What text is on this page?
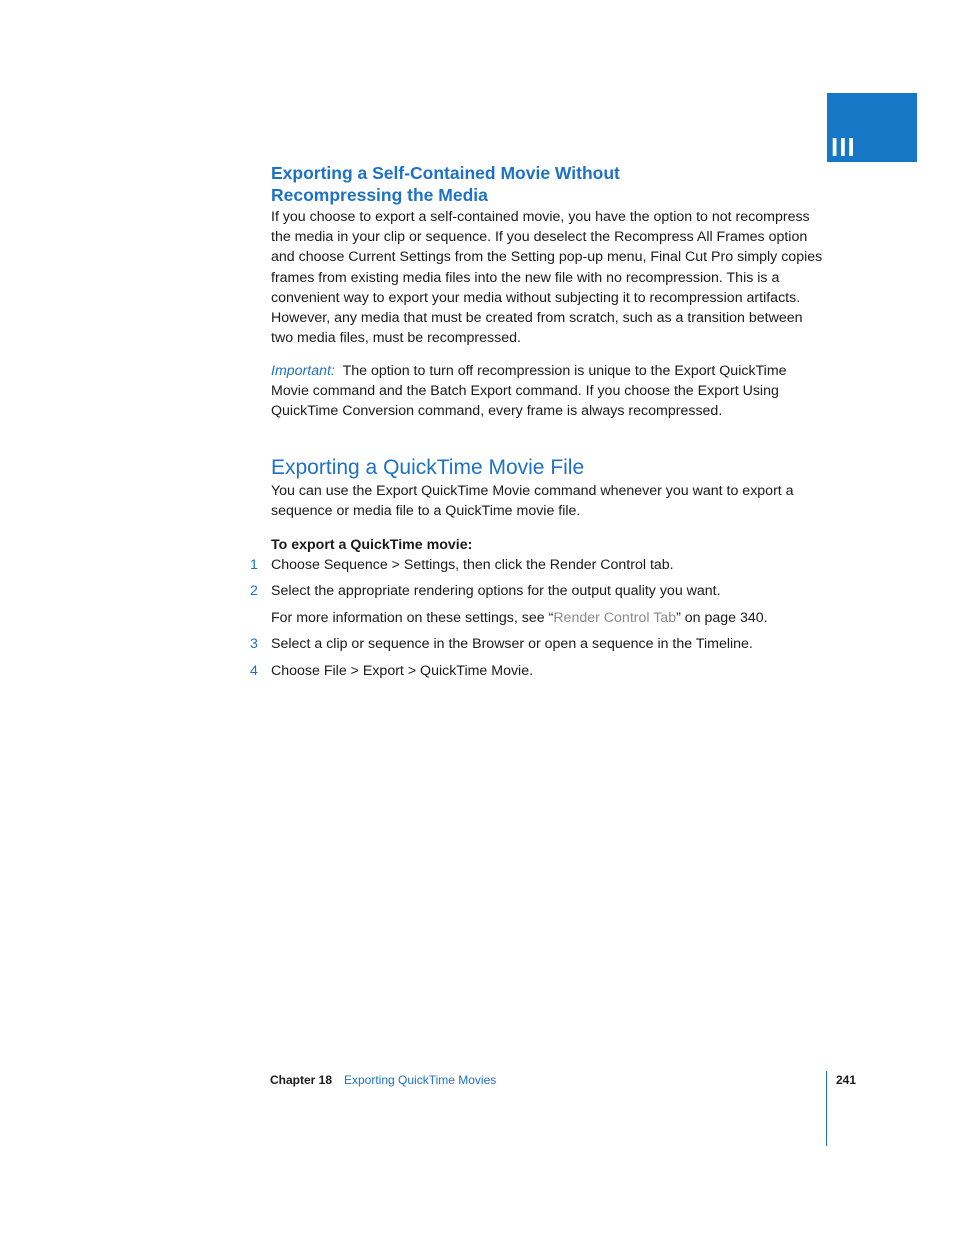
III
Exporting a Self-Contained Movie Without
Recompressing the Media
If you choose to export a self-contained movie, you have the option to not recompress the media in your clip or sequence. If you deselect the Recompress All Frames option and choose Current Settings from the Setting pop-up menu, Final Cut Pro simply copies frames from existing media files into the new file with no recompression. This is a convenient way to export your media without subjecting it to recompression artifacts. However, any media that must be created from scratch, such as a transition between two media files, must be recompressed.
Important: The option to turn off recompression is unique to the Export QuickTime Movie command and the Batch Export command. If you choose the Export Using QuickTime Conversion command, every frame is always recompressed.
Exporting a QuickTime Movie File
You can use the Export QuickTime Movie command whenever you want to export a sequence or media file to a QuickTime movie file.
To export a QuickTime movie:
1 Choose Sequence > Settings, then click the Render Control tab.
2 Select the appropriate rendering options for the output quality you want.
For more information on these settings, see “Render Control Tab” on page 340.
3 Select a clip or sequence in the Browser or open a sequence in the Timeline.
4 Choose File > Export > QuickTime Movie.
Chapter 18 Exporting QuickTime Movies	241
